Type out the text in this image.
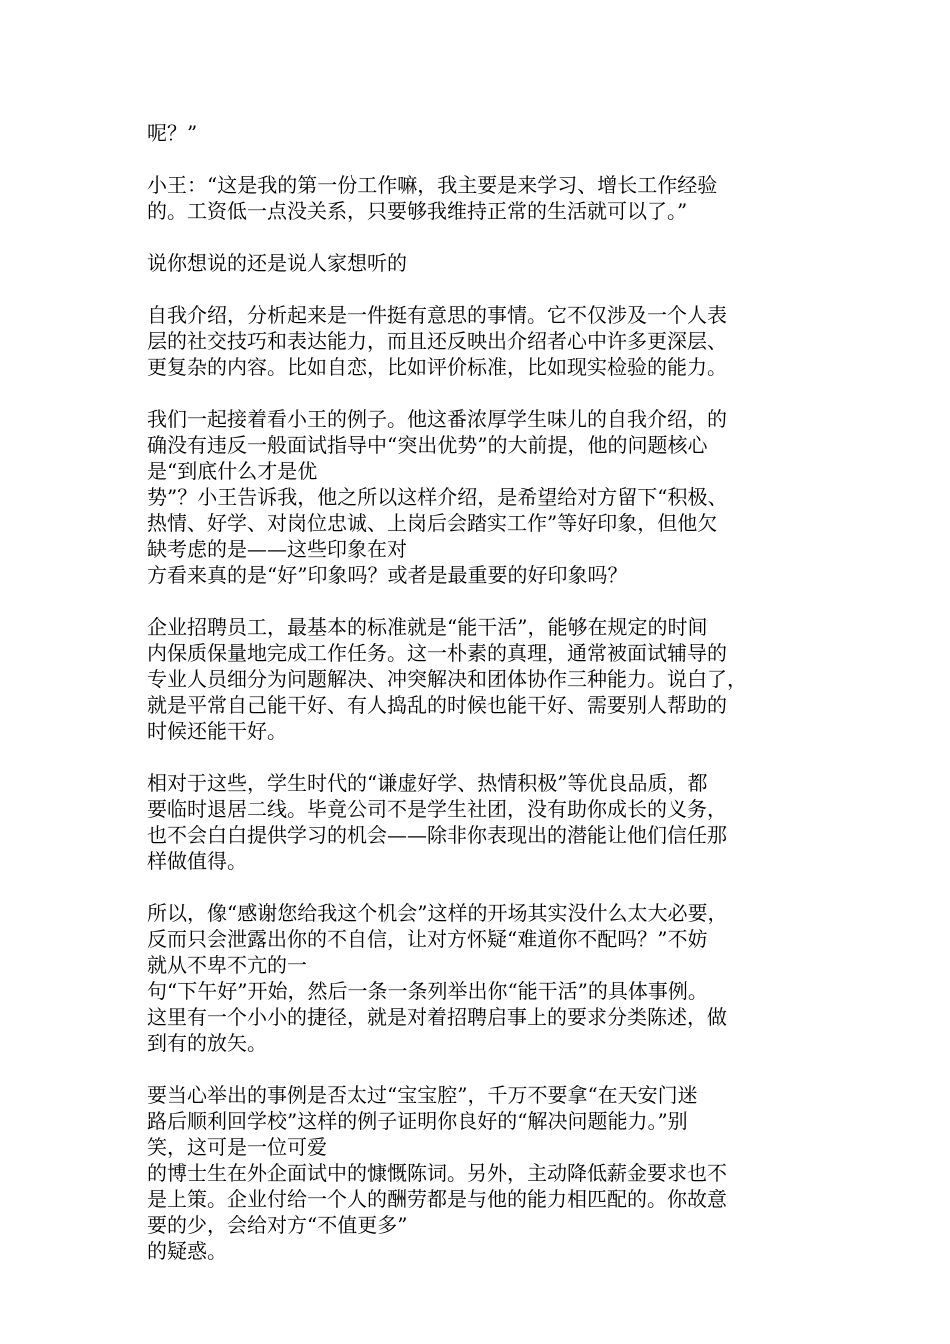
呢？”
小王：“这是我的第一份工作嘛，我主要是来学习、增长工作经验
的。工资低一点没关系，只要够我维持正常的生活就可以了。”
说你想说的还是说人家想听的
自我介绍，分析起来是一件挺有意思的事情。它不仅涉及一个人表
层的社交技巧和表达能力，而且还反映出介绍者心中许多更深层、
更复杂的内容。比如自恋，比如评价标准，比如现实检验的能力。
我们一起接着看小王的例子。他这番浓厚学生味儿的自我介绍，的
确没有违反一般面试指导中“突出优势”的大前提，他的问题核心
是“到底什么才是优
势”？小王告诉我，他之所以这样介绍，是希望给对方留下“积极、
热情、好学、对岗位忠诚、上岗后会踏实工作”等好印象，但他欠
缺考虑的是——这些印象在对
方看来真的是“好”印象吗？或者是最重要的好印象吗？
企业招聘员工，最基本的标准就是“能干活”，能够在规定的时间
内保质保量地完成工作任务。这一朴素的真理，通常被面试辅导的
专业人员细分为问题解决、冲突解决和团体协作三种能力。说白了，
就是平常自己能干好、有人捣乱的时候也能干好、需要别人帮助的
时候还能干好。
相对于这些，学生时代的“谦虚好学、热情积极”等优良品质，都
要临时退居二线。毕竟公司不是学生社团，没有助你成长的义务，
也不会白白提供学习的机会——除非你表现出的潜能让他们信任那
样做值得。
所以，像“感谢您给我这个机会”这样的开场其实没什么太大必要，
反而只会泄露出你的不自信，让对方怀疑“难道你不配吗？”不妨
就从不卑不亢的一
句“下午好”开始，然后一条一条列举出你“能干活”的具体事例。
这里有一个小小的捷径，就是对着招聘启事上的要求分类陈述，做
到有的放矢。
要当心举出的事例是否太过“宝宝腔”，千万不要拿“在天安门迷
路后顺利回学校”这样的例子证明你良好的“解决问题能力。”别
笑，这可是一位可爱
的博士生在外企面试中的慷慨陈词。另外，主动降低薪金要求也不
是上策。企业付给一个人的酬劳都是与他的能力相匹配的。你故意
要的少，会给对方“不值更多”
的疑惑。
